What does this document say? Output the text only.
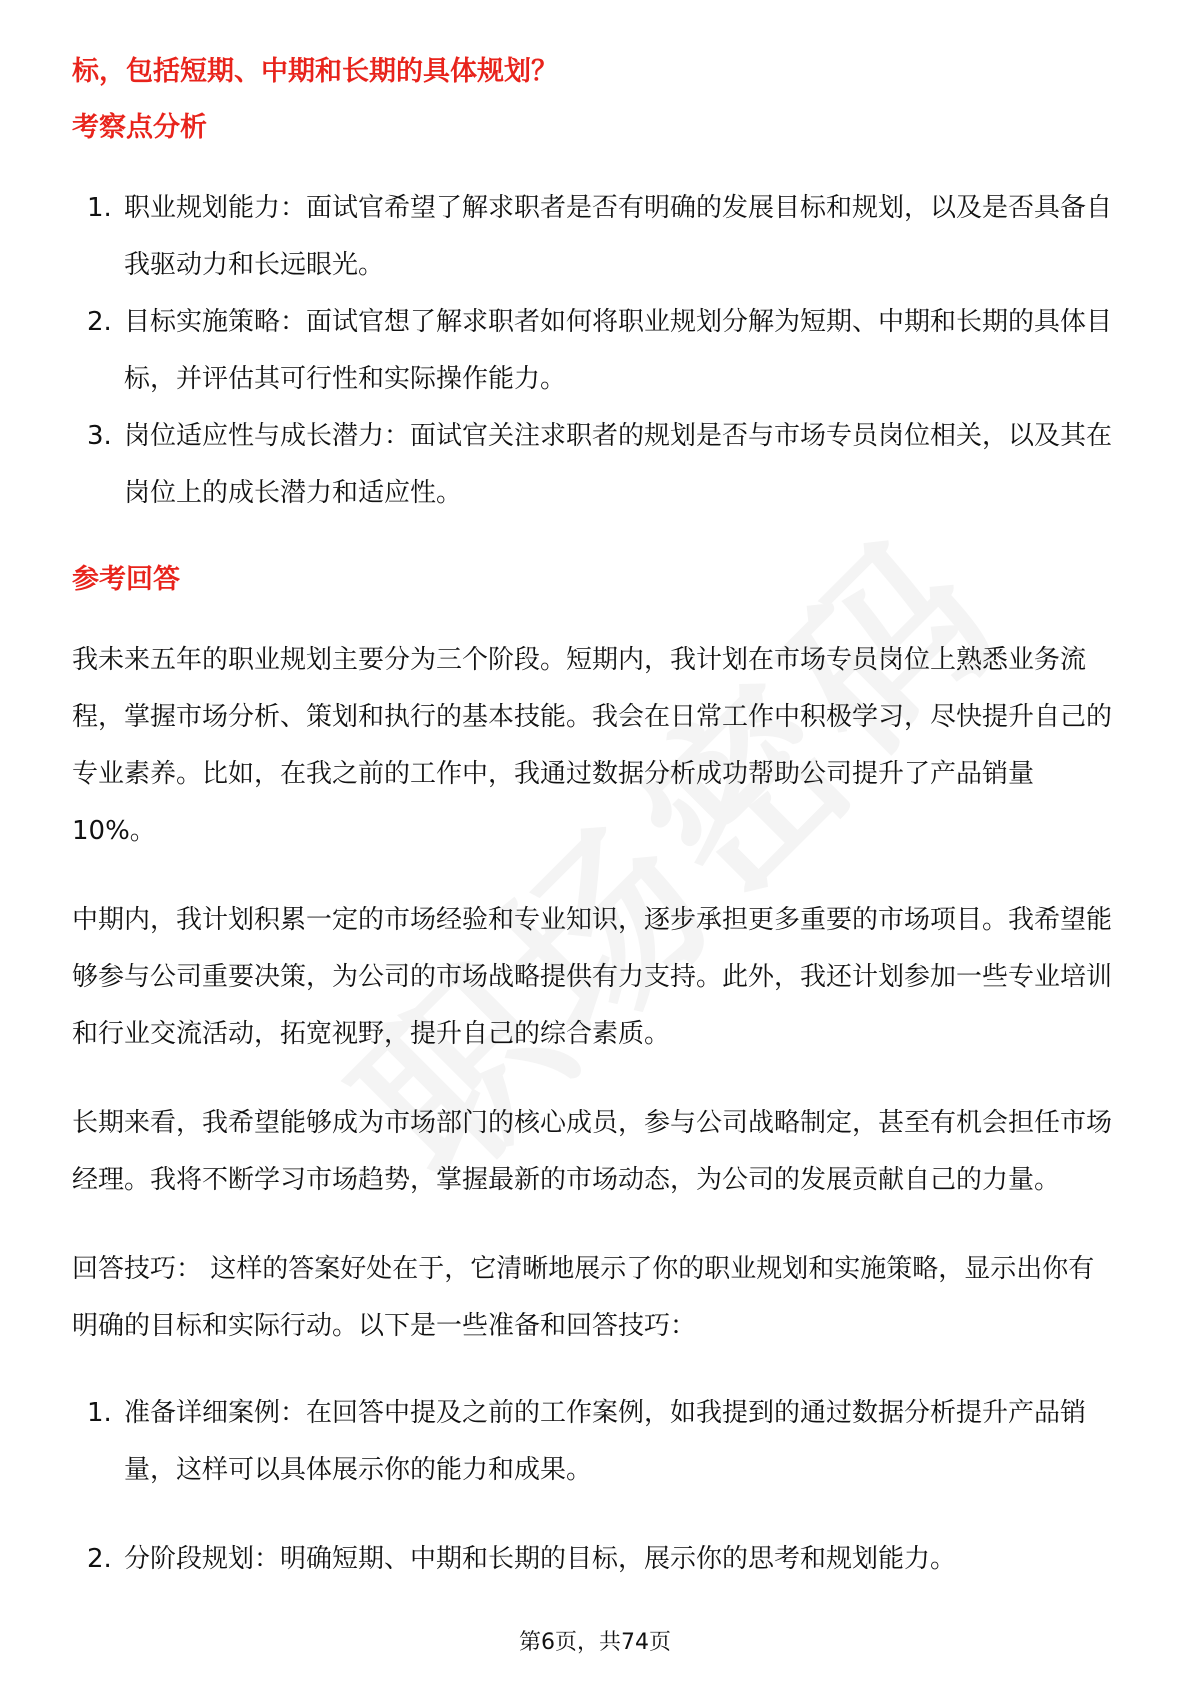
标，包括短期、中期和长期的具体规划？

考察点分析
1. 职业规划能力：面试官希望了解求职者是否有明确的发展目标和规划，以及是否具备自我驱动力和长远眼光。
2. 目标实施策略：面试官想了解求职者如何将职业规划分解为短期、中期和长期的具体目标，并评估其可行性和实际操作能力。
3. 岗位适应性与成长潜力：面试官关注求职者的规划是否与市场专员岗位相关，以及其在岗位上的成长潜力和适应性。
参考回答

我未来五年的职业规划主要分为三个阶段。短期内，我计划在市场专员岗位上熟悉业务流程，掌握市场分析、策划和执行的基本技能。我会在日常工作中积极学习，尽快提升自己的专业素养。比如，在我之前的工作中，我通过数据分析成功帮助公司提升了产品销量10%。

中期内，我计划积累一定的市场经验和专业知识，逐步承担更多重要的市场项目。我希望能够参与公司重要决策，为公司的市场战略提供有力支持。此外，我还计划参加一些专业培训和行业交流活动，拓宽视野，提升自己的综合素质。

长期来看，我希望能够成为市场部门的核心成员，参与公司战略制定，甚至有机会担任市场经理。我将不断学习市场趋势，掌握最新的市场动态，为公司的发展贡献自己的力量。

回答技巧： 这样的答案好处在于，它清晰地展示了你的职业规划和实施策略，显示出你有明确的目标和实际行动。以下是一些准备和回答技巧：

1. 准备详细案例：在回答中提及之前的工作案例，如我提到的通过数据分析提升产品销量，这样可以具体展示你的能力和成果。
2. 分阶段规划：明确短期、中期和长期的目标，展示你的思考和规划能力。
第6页，共74页
